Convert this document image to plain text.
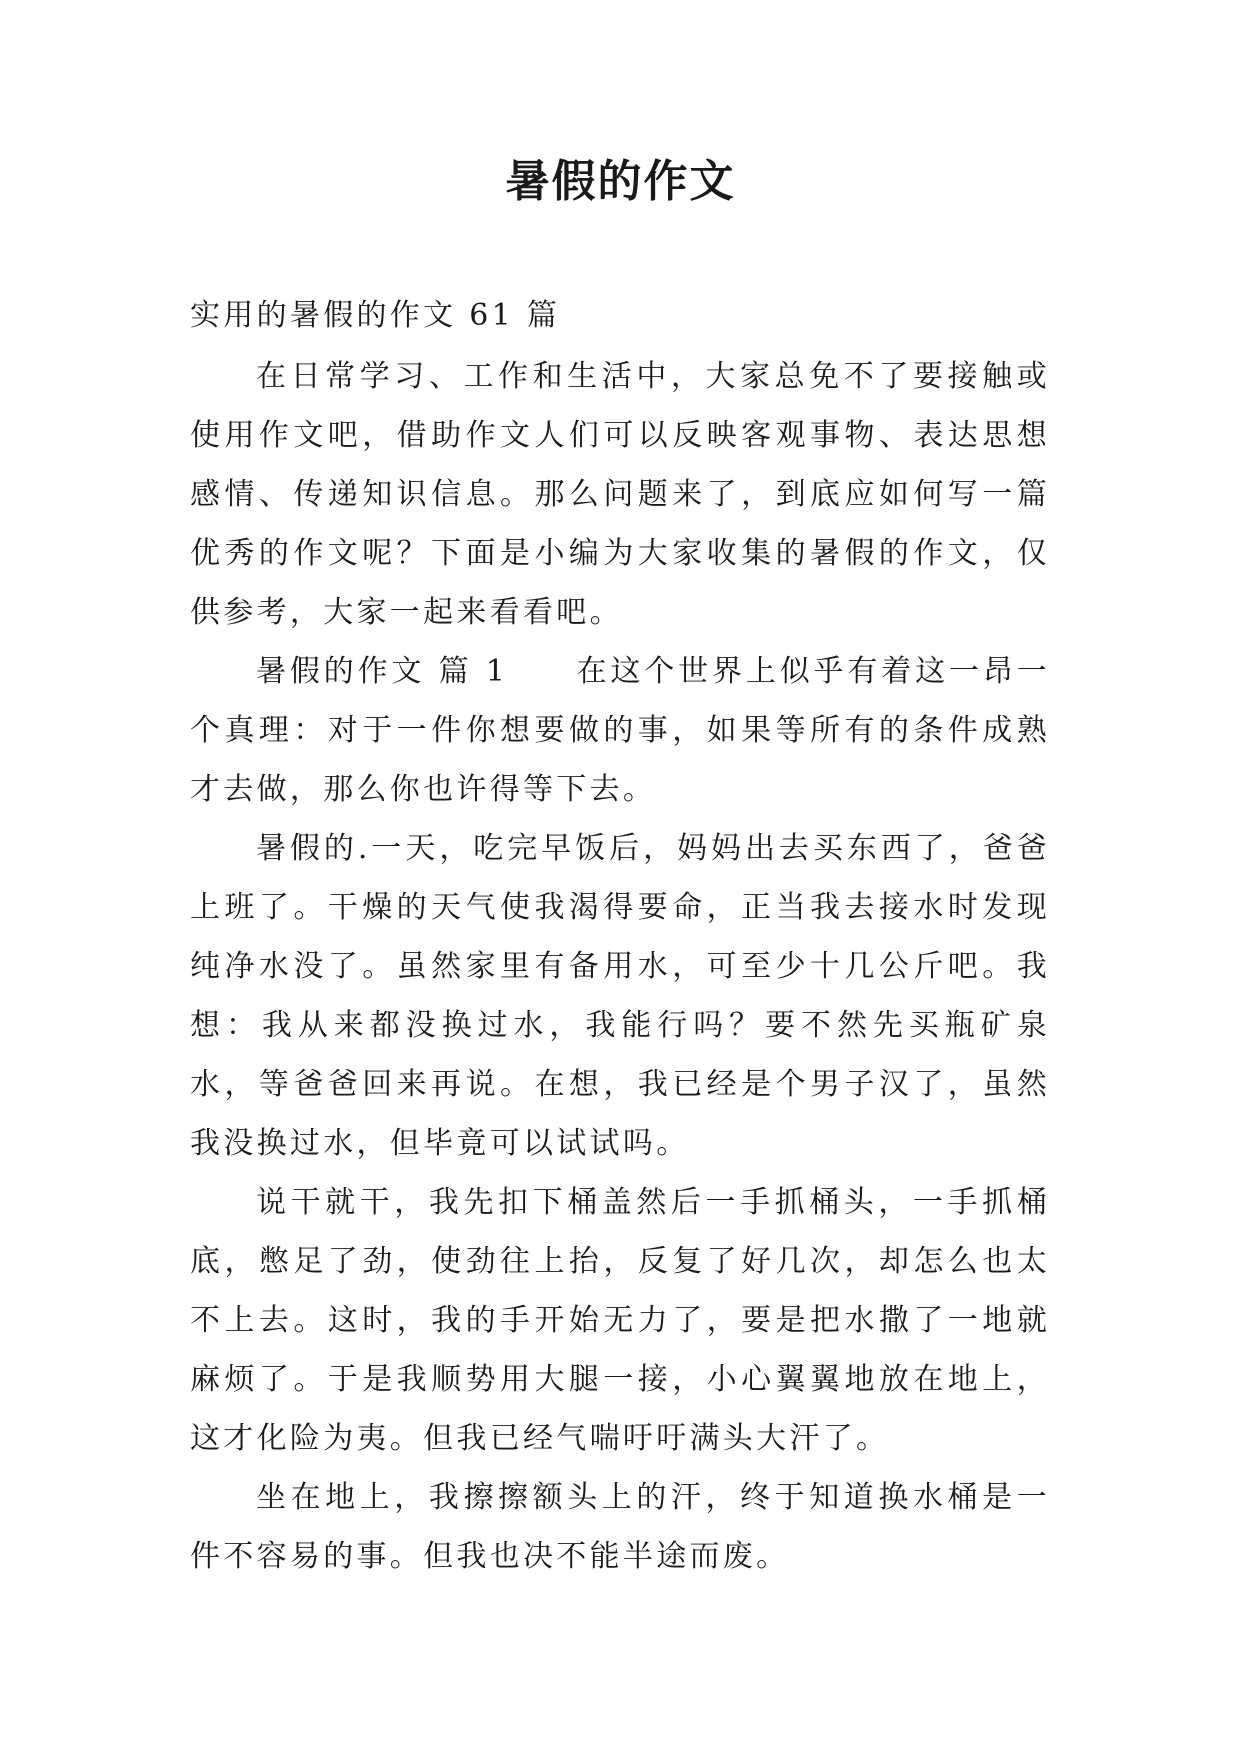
暑假的作文

实用的暑假的作文 61 篇

在日常学习、工作和生活中，大家总免不了要接触或使用作文吧，借助作文人们可以反映客观事物、表达思想感情、传递知识信息。那么问题来了，到底应如何写一篇优秀的作文呢？下面是小编为大家收集的暑假的作文，仅供参考，大家一起来看看吧。

暑假的作文 篇 1　　在这个世界上似乎有着这一昂一个真理：对于一件你想要做的事，如果等所有的条件成熟才去做，那么你也许得等下去。

暑假的.一天，吃完早饭后，妈妈出去买东西了，爸爸上班了。干燥的天气使我渴得要命，正当我去接水时发现纯净水没了。虽然家里有备用水，可至少十几公斤吧。我想：我从来都没换过水，我能行吗？要不然先买瓶矿泉水，等爸爸回来再说。在想，我已经是个男子汉了，虽然我没换过水，但毕竟可以试试吗。

说干就干，我先扣下桶盖然后一手抓桶头，一手抓桶底，憋足了劲，使劲往上抬，反复了好几次，却怎么也太不上去。这时，我的手开始无力了，要是把水撒了一地就麻烦了。于是我顺势用大腿一接，小心翼翼地放在地上，这才化险为夷。但我已经气喘吁吁满头大汗了。

坐在地上，我擦擦额头上的汗，终于知道换水桶是一件不容易的事。但我也决不能半途而废。
